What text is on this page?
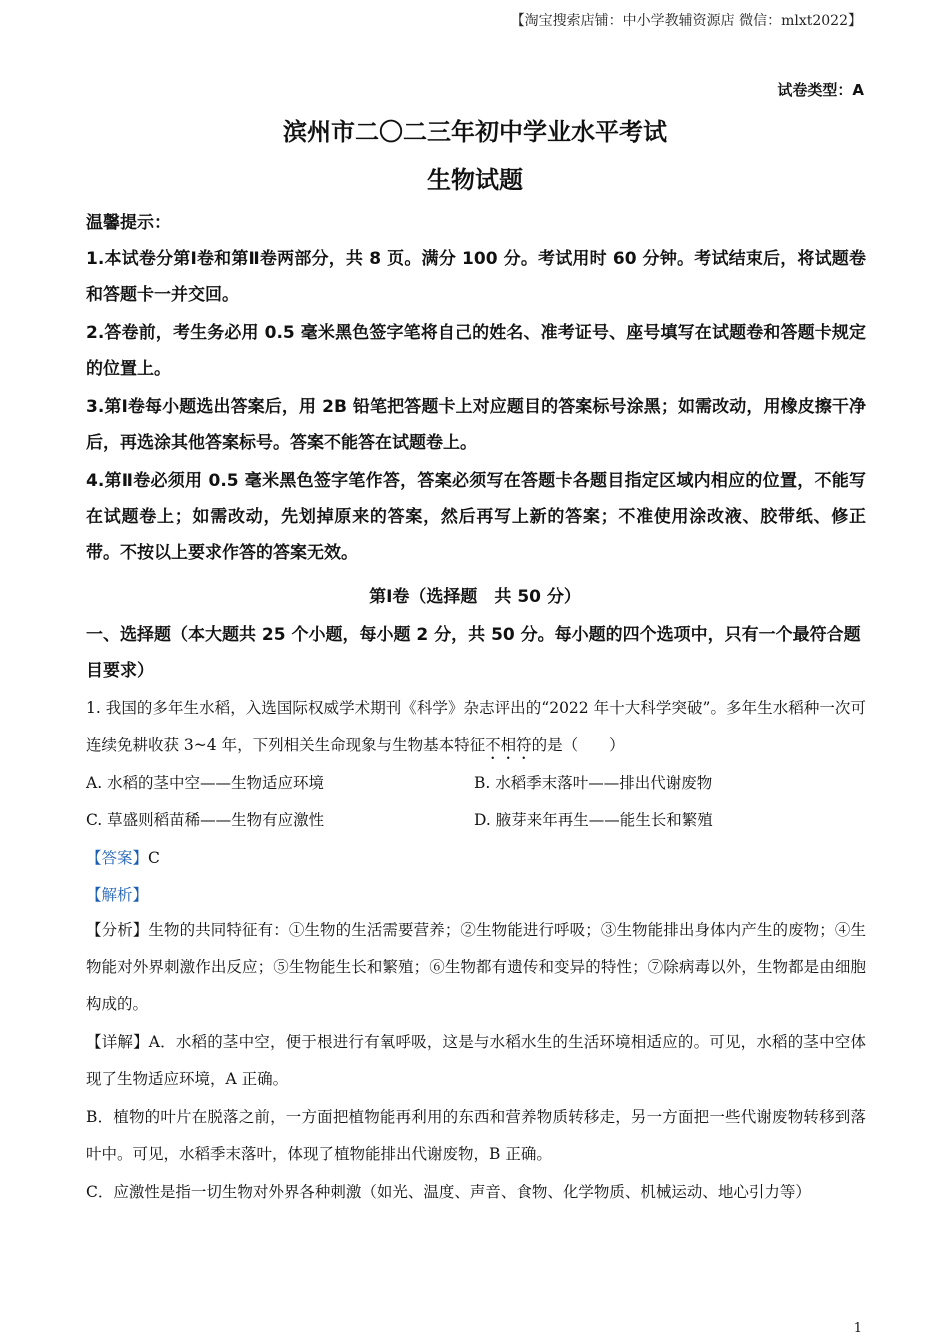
【淘宝搜索店铺：中小学教辅资源店 微信：mlxt2022】
试卷类型：A
滨州市二〇二三年初中学业水平考试
生物试题
温馨提示：
1.本试卷分第Ⅰ卷和第Ⅱ卷两部分，共 8 页。满分 100 分。考试用时 60 分钟。考试结束后，将试题卷和答题卡一并交回。
2.答卷前，考生务必用 0.5 毫米黑色签字笔将自己的姓名、准考证号、座号填写在试题卷和答题卡规定的位置上。
3.第Ⅰ卷每小题选出答案后，用 2B 铅笔把答题卡上对应题目的答案标号涂黑；如需改动，用橡皮擦干净后，再选涂其他答案标号。答案不能答在试题卷上。
4.第Ⅱ卷必须用 0.5 毫米黑色签字笔作答，答案必须写在答题卡各题目指定区域内相应的位置，不能写在试题卷上；如需改动，先划掉原来的答案，然后再写上新的答案；不准使用涂改液、胶带纸、修正带。不按以上要求作答的答案无效。
第Ⅰ卷（选择题　共 50 分）
一、选择题（本大题共 25 个小题，每小题 2 分，共 50 分。每小题的四个选项中，只有一个最符合题目要求）
1. 我国的多年生水稻，入选国际权威学术期刊《科学》杂志评出的“2022 年十大科学突破”。多年生水稻种一次可连续免耕收获 3~4 年，下列相关生命现象与生物基本特征不相符的是（　　）
A. 水稻的茎中空——生物适应环境	B. 水稻季末落叶——排出代谢废物
C. 草盛则稻苗稀——生物有应激性	D. 腋芽来年再生——能生长和繁殖
【答案】C
【解析】
【分析】生物的共同特征有：①生物的生活需要营养；②生物能进行呼吸；③生物能排出身体内产生的废物；④生物能对外界刺激作出反应；⑤生物能生长和繁殖；⑥生物都有遗传和变异的特性；⑦除病毒以外，生物都是由细胞构成的。
【详解】A．水稻的茎中空，便于根进行有氧呼吸，这是与水稻水生的生活环境相适应的。可见，水稻的茎中空体现了生物适应环境，A 正确。
B．植物的叶片在脱落之前，一方面把植物能再利用的东西和营养物质转移走，另一方面把一些代谢废物转移到落叶中。可见，水稻季末落叶，体现了植物能排出代谢废物，B 正确。
C．应激性是指一切生物对外界各种刺激（如光、温度、声音、食物、化学物质、机械运动、地心引力等）
1
